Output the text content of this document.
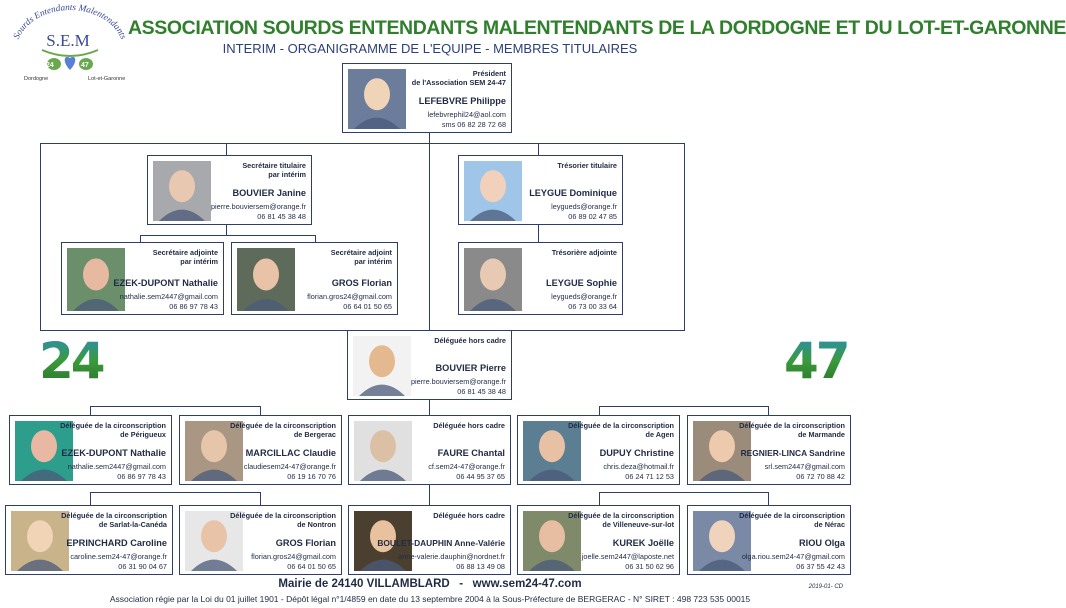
Sourds Entendants Malentendants
S.E.M
24	47
Dordogne	Lot-et-Garonne
ASSOCIATION SOURDS ENTENDANTS MALENTENDANTS DE LA DORDOGNE ET DU LOT-ET-GARONNE
INTERIM - ORGANIGRAMME DE L'EQUIPE - MEMBRES TITULAIRES
24	47
Président
de l'Association SEM 24-47
LEFEBVRE Philippe
lefebvrephil24@aol.com
sms 06 82 28 72 68
Secrétaire titulaire
par intérim
BOUVIER Janine
pierre.bouviersem@orange.fr
06 81 45 38 48
Trésorier titulaire
LEYGUE Dominique
leygueds@orange.fr
06 89 02 47 85
Secrétaire adjointe
par intérim
EZEK-DUPONT Nathalie
nathalie.sem2447@gmail.com
06 86 97 78 43
Secrétaire adjoint
par intérim
GROS Florian
florian.gros24@gmail.com
06 64 01 50 65
Trésorière adjointe
LEYGUE Sophie
leygueds@orange.fr
06 73 00 33 64
Déléguée hors cadre
BOUVIER Pierre
pierre.bouviersem@orange.fr
06 81 45 38 48
Déléguée de la circonscription
de Périgueux
EZEK-DUPONT Nathalie
nathalie.sem2447@gmail.com
06 86 97 78 43
Déléguée de la circonscription
de Bergerac
MARCILLAC Claudie
claudiesem24-47@orange.fr
06 19 16 70 76
Déléguée hors cadre
FAURE Chantal
cf.sem24-47@orange.fr
06 44 95 37 65
Déléguée de la circonscription
de Agen
DUPUY Christine
chris.deza@hotmail.fr
06 24 71 12 53
Déléguée de la circonscription
de Marmande
REGNIER-LINCA Sandrine
srl.sem2447@gmail.com
06 72 70 88 42
Déléguée de la circonscription
de Sarlat-la-Canéda
EPRINCHARD Caroline
caroline.sem24-47@orange.fr
06 31 90 04 67
Déléguée de la circonscription
de Nontron
GROS Florian
florian.gros24@gmail.com
06 64 01 50 65
Déléguée hors cadre
BOULET-DAUPHIN Anne-Valérie
anne-valerie.dauphin@nordnet.fr
06 88 13 49 08
Déléguée de la circonscription
de Villeneuve-sur-lot
KUREK Joëlle
joelle.sem2447@laposte.net
06 31 50 62 96
Déléguée de la circonscription
de Nérac
RIOU Olga
olga.riou.sem24-47@gmail.com
06 37 55 42 43
Mairie de 24140 VILLAMBLARD   -   www.sem24-47.com
Association régie par la Loi du 01 juillet 1901 - Dépôt légal n°1/4859 en date du 13 septembre 2004 à la Sous-Préfecture de BERGERAC - N° SIRET : 498 723 535 00015
2019-01- CD
